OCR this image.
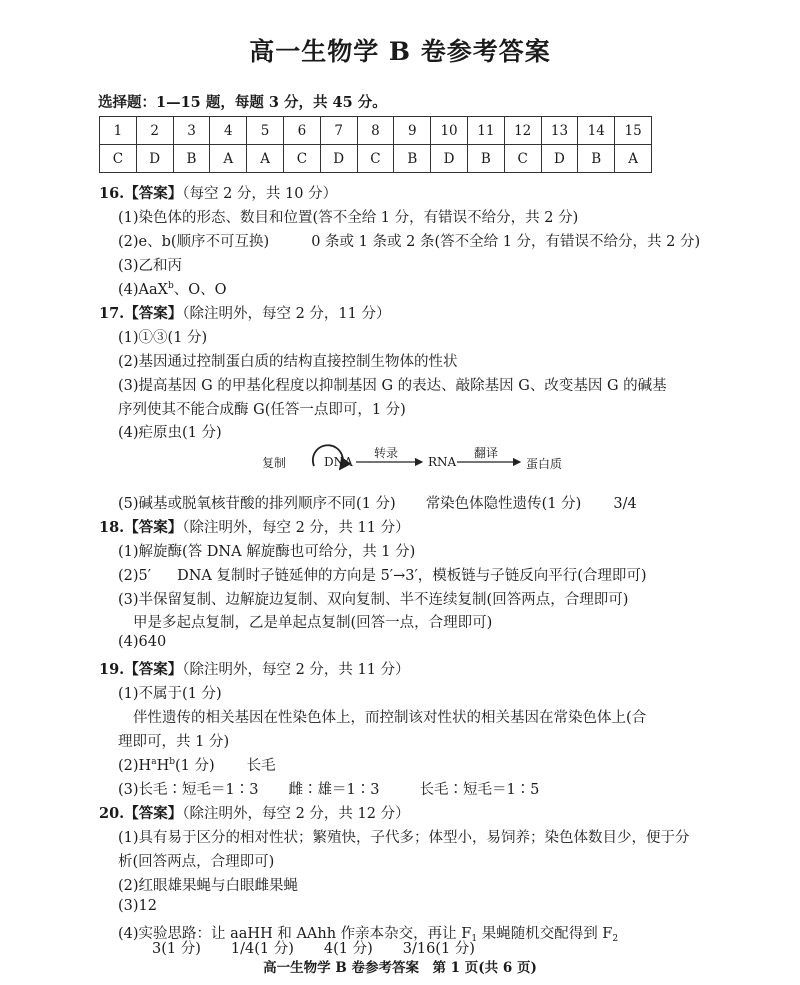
高一生物学 B 卷参考答案
选择题：1—15 题，每题 3 分，共 45 分。
1	2	3	4	5	6	7	8	9	10	11	12	13	14	15
C	D	B	A	A	C	D	C	B	D	B	C	D	B	A
16.【答案】（每空 2 分，共 10 分）
(1)染色体的形态、数目和位置(答不全给 1 分，有错误不给分，共 2 分)
(2)e、b(顺序不可互换)	0 条或 1 条或 2 条(答不全给 1 分，有错误不给分，共 2 分)
(3)乙和丙
(4)AaX$^b$、O、O
17.【答案】（除注明外，每空 2 分，11 分）
(1)①③(1 分)
(2)基因通过控制蛋白质的结构直接控制生物体的性状
(3)提高基因 G 的甲基化程度以抑制基因 G 的表达、敲除基因 G、改变基因 G 的碱基
序列使其不能合成酶 G(任答一点即可，1 分)
(4)疟原虫(1 分)
复制	DNA
转录
RNA
翻译
蛋白质
(5)碱基或脱氧核苷酸的排列顺序不同(1 分) 常染色体隐性遗传(1 分) 3/4
18.【答案】（除注明外，每空 2 分，共 11 分）
(1)解旋酶(答 DNA 解旋酶也可给分，共 1 分)
(2)5′ DNA 复制时子链延伸的方向是 5′→3′，模板链与子链反向平行(合理即可)
(3)半保留复制、边解旋边复制、双向复制、半不连续复制(回答两点，合理即可)
甲是多起点复制，乙是单起点复制(回答一点，合理即可)
(4)640
19.【答案】（除注明外，每空 2 分，共 11 分）
(1)不属于(1 分)
伴性遗传的相关基因在性染色体上，而控制该对性状的相关基因在常染色体上(合
理即可，共 1 分)
$(2)H^aH^b(1$ 分) 长毛
(3)长毛∶短毛＝1∶3 雌∶雄＝1∶3	长毛∶短毛＝1∶5
20.【答案】（除注明外，每空 2 分，共 12 分）
(1)具有易于区分的相对性状；繁殖快，子代多；体型小，易饲养；染色体数目少，便于分
析(回答两点，合理即可)
(2)红眼雄果蝇与白眼雌果蝇
(3)12
(4)实验思路：让 aaHH 和 AAhh 作亲本杂交，再让 $F_1$ 果蝇随机交配得到 $F_2$
3(1 分) 1/4(1 分) 4(1 分) 3/16(1 分)
高一生物学 B 卷参考答案　第 1 页(共 6 页)
